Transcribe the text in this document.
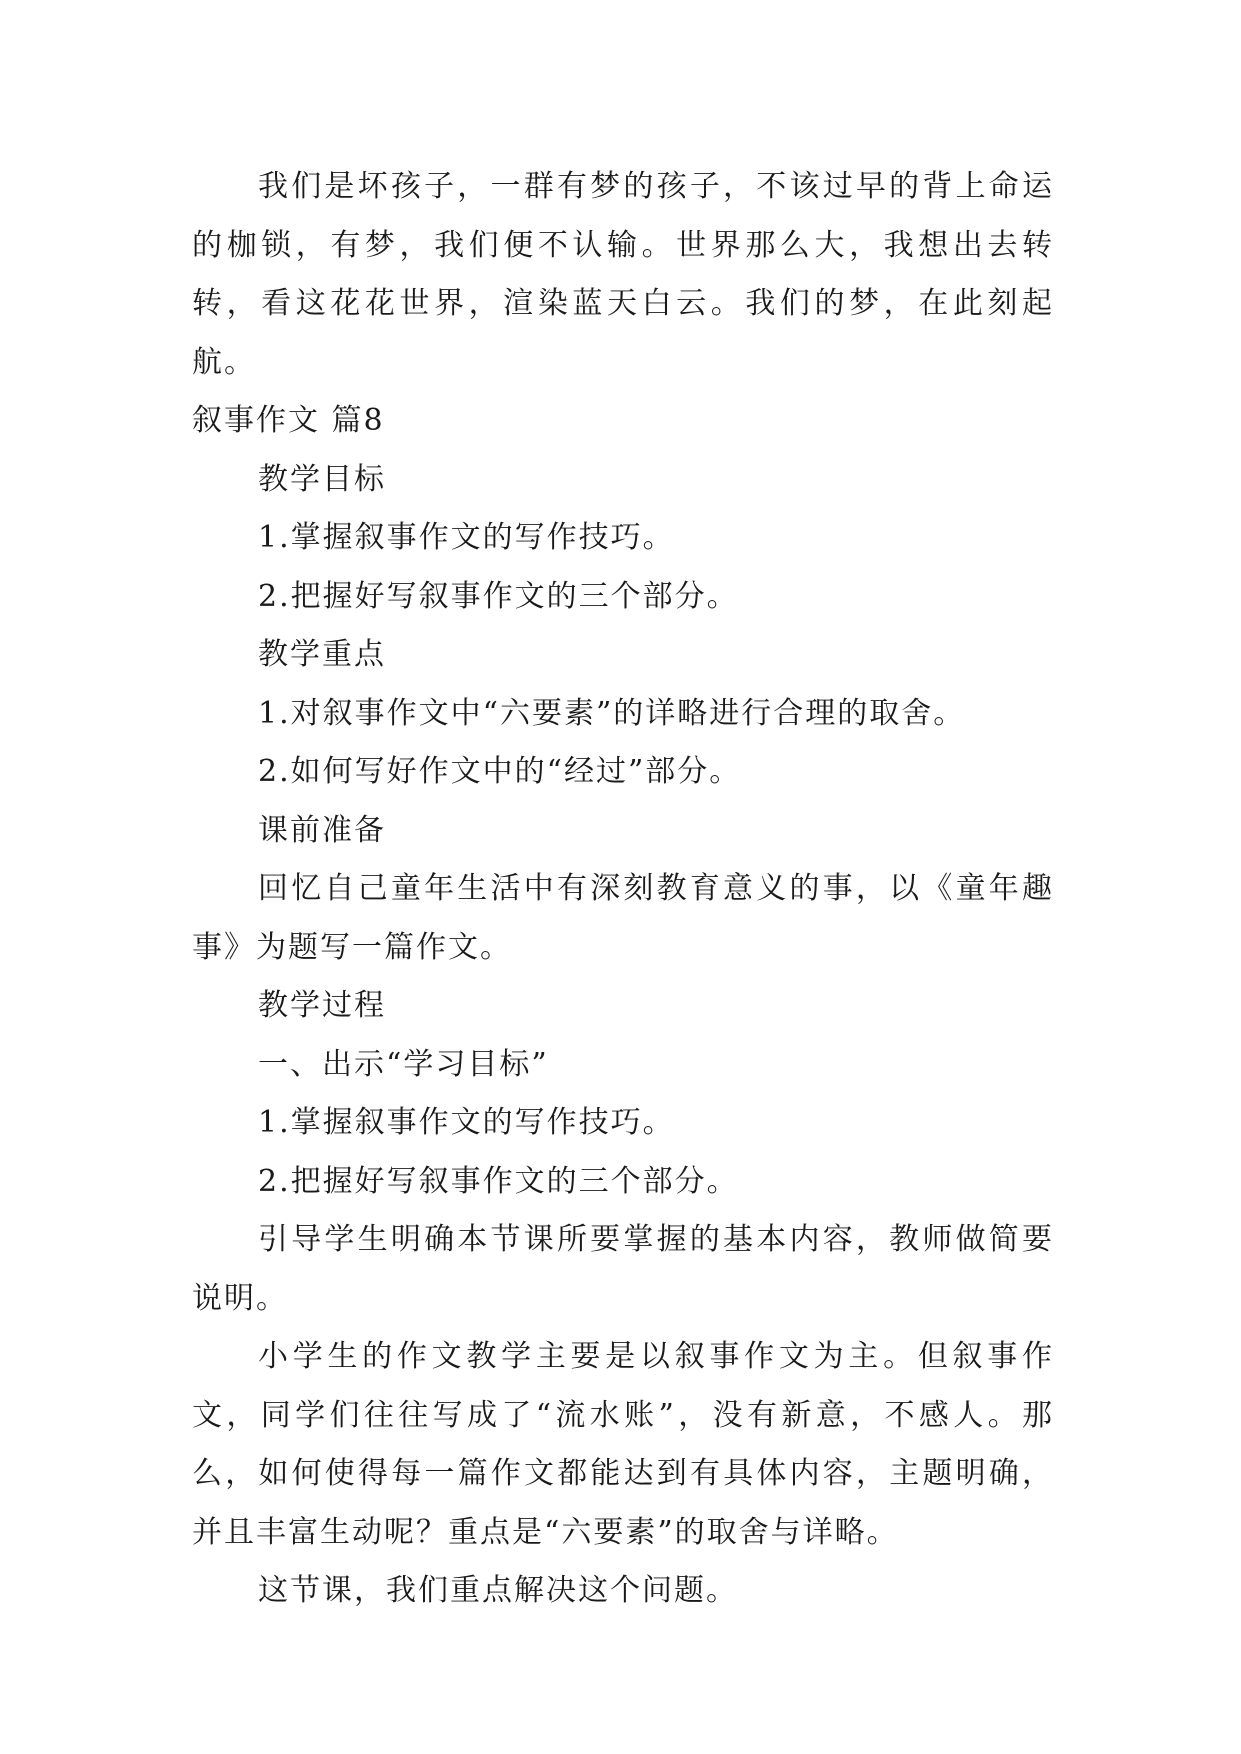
我们是坏孩子，一群有梦的孩子，不该过早的背上命运的枷锁，有梦，我们便不认输。世界那么大，我想出去转转，看这花花世界，渲染蓝天白云。我们的梦，在此刻起航。

叙事作文 篇8

教学目标

1.掌握叙事作文的写作技巧。

2.把握好写叙事作文的三个部分。

教学重点

1.对叙事作文中“六要素”的详略进行合理的取舍。

2.如何写好作文中的“经过”部分。

课前准备

回忆自己童年生活中有深刻教育意义的事，以《童年趣事》为题写一篇作文。

教学过程

一、出示“学习目标”

1.掌握叙事作文的写作技巧。

2.把握好写叙事作文的三个部分。

引导学生明确本节课所要掌握的基本内容，教师做简要说明。

小学生的作文教学主要是以叙事作文为主。但叙事作文，同学们往往写成了“流水账”，没有新意，不感人。那么，如何使得每一篇作文都能达到有具体内容，主题明确，并且丰富生动呢？重点是“六要素”的取舍与详略。

这节课，我们重点解决这个问题。
